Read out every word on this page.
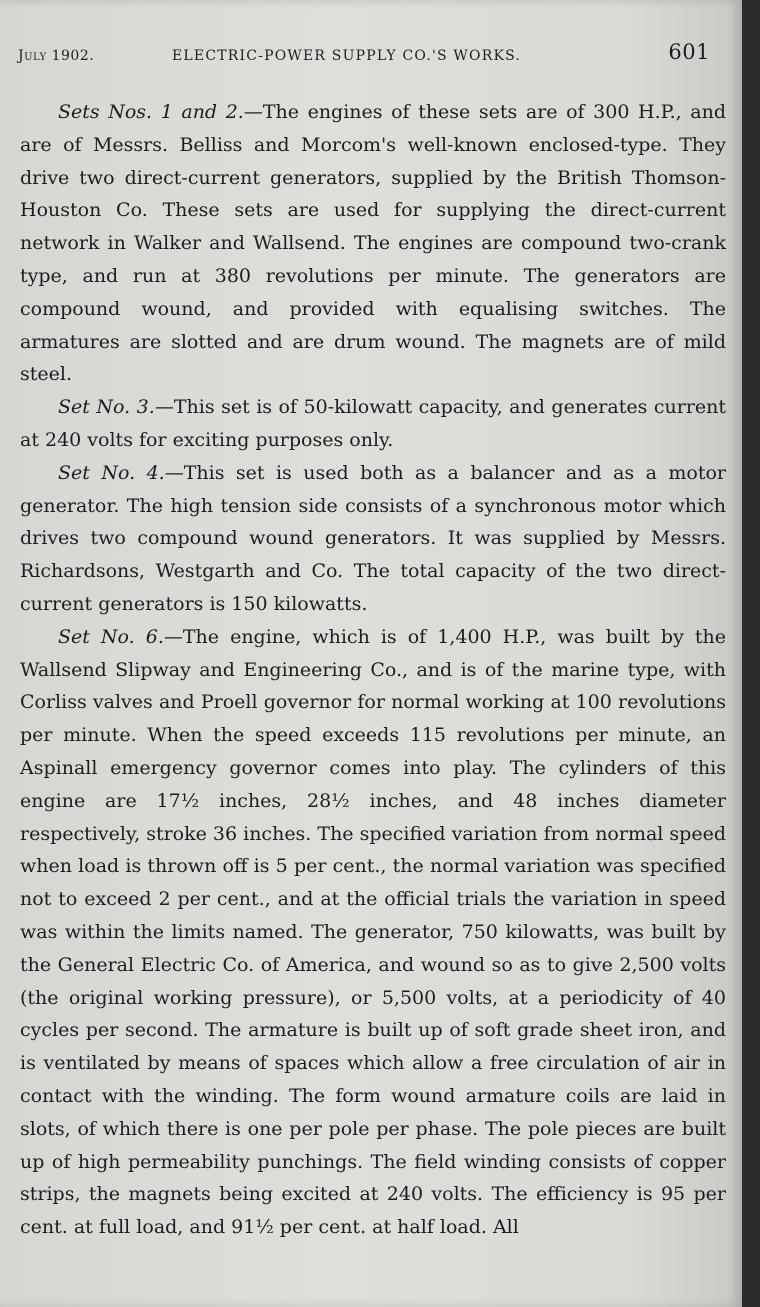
July 1902.	ELECTRIC-POWER SUPPLY CO.'S WORKS.	601

Sets Nos. 1 and 2.—The engines of these sets are of 300 H.P., and are of Messrs. Belliss and Morcom's well-known enclosed-type. They drive two direct-current generators, supplied by the British Thomson-Houston Co. These sets are used for supplying the direct-current network in Walker and Wallsend. The engines are compound two-crank type, and run at 380 revolutions per minute. The generators are compound wound, and provided with equalising switches. The armatures are slotted and are drum wound. The magnets are of mild steel.

Set No. 3.—This set is of 50-kilowatt capacity, and generates current at 240 volts for exciting purposes only.

Set No. 4.—This set is used both as a balancer and as a motor generator. The high tension side consists of a synchronous motor which drives two compound wound generators. It was supplied by Messrs. Richardsons, Westgarth and Co. The total capacity of the two direct-current generators is 150 kilowatts.

Set No. 6.—The engine, which is of 1,400 H.P., was built by the Wallsend Slipway and Engineering Co., and is of the marine type, with Corliss valves and Proell governor for normal working at 100 revolutions per minute. When the speed exceeds 115 revolutions per minute, an Aspinall emergency governor comes into play. The cylinders of this engine are 17½ inches, 28½ inches, and 48 inches diameter respectively, stroke 36 inches. The specified variation from normal speed when load is thrown off is 5 per cent., the normal variation was specified not to exceed 2 per cent., and at the official trials the variation in speed was within the limits named. The generator, 750 kilowatts, was built by the General Electric Co. of America, and wound so as to give 2,500 volts (the original working pressure), or 5,500 volts, at a periodicity of 40 cycles per second. The armature is built up of soft grade sheet iron, and is ventilated by means of spaces which allow a free circulation of air in contact with the winding. The form wound armature coils are laid in slots, of which there is one per pole per phase. The pole pieces are built up of high permeability punchings. The field winding consists of copper strips, the magnets being excited at 240 volts. The efficiency is 95 per cent. at full load, and 91½ per cent. at half load. All
